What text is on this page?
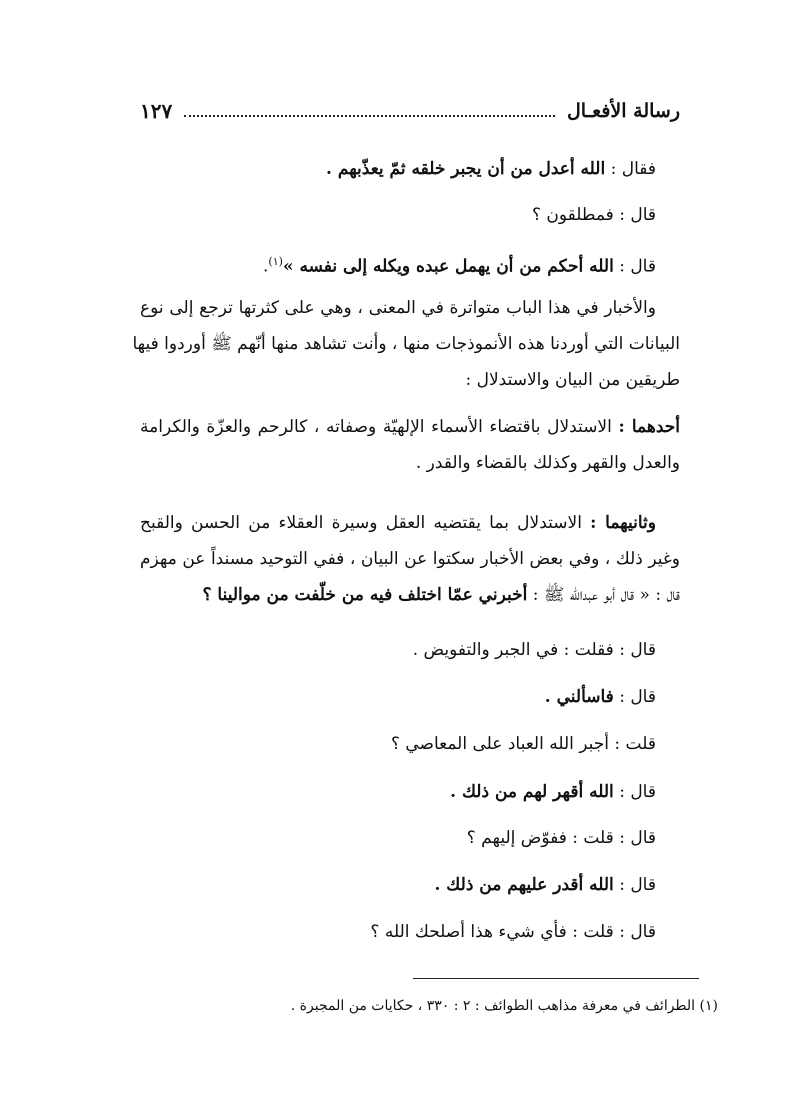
رسالة الأفعـال
١٢٧
فقال : الله أعدل من أن يجبر خلقه ثمّ يعذّبهم .
قال : فمطلقون ؟
قال : الله أحكم من أن يهمل عبده ويكله إلى نفسه »$^{(١)}$.
والأخبار في هذا الباب متواترة في المعنى ، وهي على كثرتها ترجع إلى نوع
البيانات التي أوردنا هذه الأنموذجات منها ، وأنت تشاهد منها أنّهم ﷺ أوردوا فيها
طريقين من البيان والاستدلال :
أحدهما : الاستدلال باقتضاء الأسماء الإلهيّة وصفاته ، كالرحم والعزّة والكرامة
والعدل والقهر وكذلك بالقضاء والقدر .
وثانيهما : الاستدلال بما يقتضيه العقل وسيرة العقلاء من الحسن والقبح
وغير ذلك ، وفي بعض الأخبار سكتوا عن البيان ، ففي التوحيد مسنداً عن مهزم
قال : « قال أبو عبدالله ﷺ : أخبرني عمّا اختلف فيه من خلّفت من موالينا ؟
قال : فقلت : في الجبر والتفويض .
قال : فاسألني .
قلت : أجبر الله العباد على المعاصي ؟
قال : الله أقهر لهم من ذلك .
قال : قلت : ففوّض إليهم ؟
قال : الله أقدر عليهم من ذلك .
قال : قلت : فأي شيء هذا أصلحك الله ؟
(١) الطرائف في معرفة مذاهب الطوائف : ٢ : ٣٣٠ ، حكايات من المجبرة .
